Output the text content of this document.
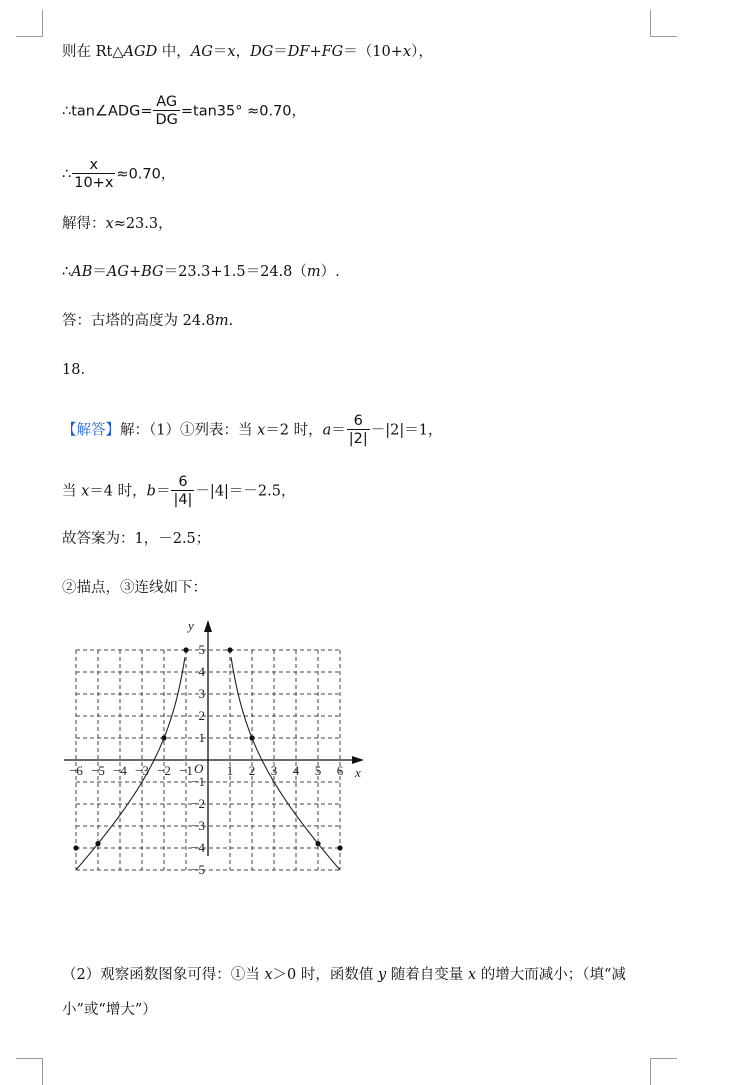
则在 Rt△AGD 中，AG＝x，DG＝DF+FG＝（10+x），
∴tan∠ADG= $\frac{AG}{DG} =\tan 35^\circ \approx 0.70$，
∴ $\frac{x}{10+x} \approx 0.70$，
解得：x≈23.3，
∴AB＝AG+BG＝23.3+1.5＝24.8（m）.
答：古塔的高度为 24.8m.
18．
【解答】解：（1）①列表：当 x＝2 时，$a= \frac{6}{|2|} -|2|=1$，
当 x＝4 时，$b= \frac{6}{|4|} -|4|=-2.5$，
故答案为：1，－2.5；
②描点，③连线如下：
−6 −5 −4 −3 −2 −1	1 2 3 4 5 6
5
4
3
2
1
−1
−2
−3
−4
−5
O	x
y
（2）观察函数图象可得：①当 x＞0 时，函数值 y 随着自变量 x 的增大而减小；（填“减
小”或“增大”）
